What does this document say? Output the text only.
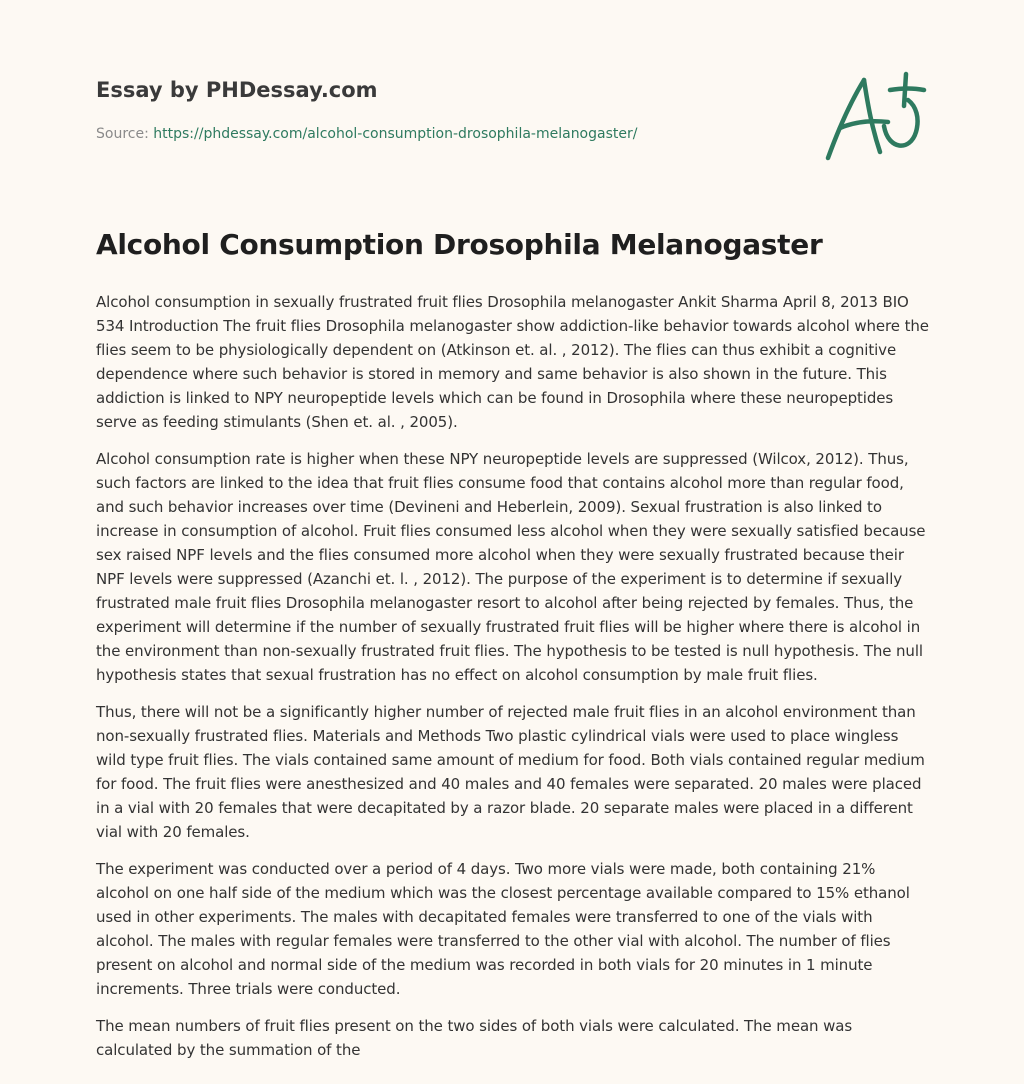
Essay by PHDessay.com
Source: https://phdessay.com/alcohol-consumption-drosophila-melanogaster/
Alcohol Consumption Drosophila Melanogaster

Alcohol consumption in sexually frustrated fruit flies Drosophila melanogaster Ankit Sharma April 8, 2013 BIO 534 Introduction The fruit flies Drosophila melanogaster show addiction-like behavior towards alcohol where the flies seem to be physiologically dependent on (Atkinson et. al. , 2012). The flies can thus exhibit a cognitive dependence where such behavior is stored in memory and same behavior is also shown in the future. This addiction is linked to NPY neuropeptide levels which can be found in Drosophila where these neuropeptides serve as feeding stimulants (Shen et. al. , 2005).

Alcohol consumption rate is higher when these NPY neuropeptide levels are suppressed (Wilcox, 2012). Thus, such factors are linked to the idea that fruit flies consume food that contains alcohol more than regular food, and such behavior increases over time (Devineni and Heberlein, 2009). Sexual frustration is also linked to increase in consumption of alcohol. Fruit flies consumed less alcohol when they were sexually satisfied because sex raised NPF levels and the flies consumed more alcohol when they were sexually frustrated because their NPF levels were suppressed (Azanchi et. l. , 2012). The purpose of the experiment is to determine if sexually frustrated male fruit flies Drosophila melanogaster resort to alcohol after being rejected by females. Thus, the experiment will determine if the number of sexually frustrated fruit flies will be higher where there is alcohol in the environment than non-sexually frustrated fruit flies. The hypothesis to be tested is null hypothesis. The null hypothesis states that sexual frustration has no effect on alcohol consumption by male fruit flies.

Thus, there will not be a significantly higher number of rejected male fruit flies in an alcohol environment than non-sexually frustrated flies. Materials and Methods Two plastic cylindrical vials were used to place wingless wild type fruit flies. The vials contained same amount of medium for food. Both vials contained regular medium for food. The fruit flies were anesthesized and 40 males and 40 females were separated. 20 males were placed in a vial with 20 females that were decapitated by a razor blade. 20 separate males were placed in a different vial with 20 females.

The experiment was conducted over a period of 4 days. Two more vials were made, both containing 21% alcohol on one half side of the medium which was the closest percentage available compared to 15% ethanol used in other experiments. The males with decapitated females were transferred to one of the vials with alcohol. The males with regular females were transferred to the other vial with alcohol. The number of flies present on alcohol and normal side of the medium was recorded in both vials for 20 minutes in 1 minute increments. Three trials were conducted.

The mean numbers of fruit flies present on the two sides of both vials were calculated. The mean was calculated by the summation of the
